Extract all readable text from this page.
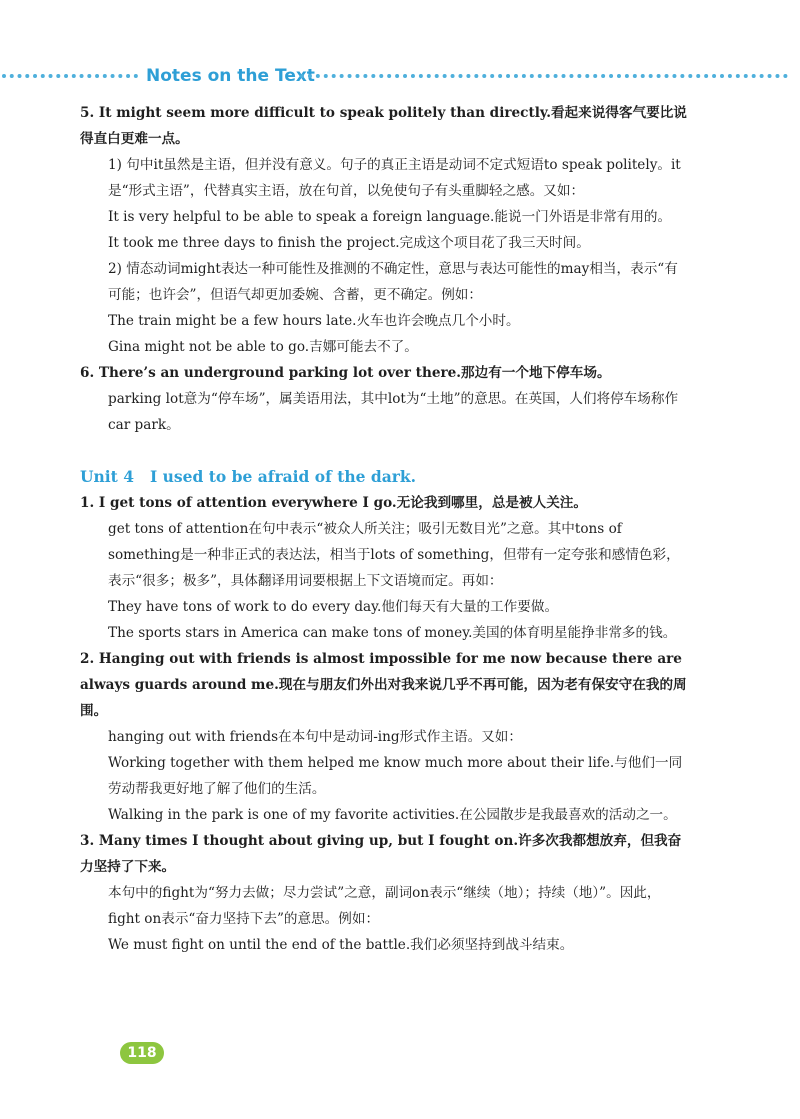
Notes on the Text

5. It might seem more difficult to speak politely than directly.看起来说得客气要比说得直白更难一点。

1) 句中it虽然是主语，但并没有意义。句子的真正主语是动词不定式短语to speak politely。it是“形式主语”，代替真实主语，放在句首，以免使句子有头重脚轻之感。又如：

It is very helpful to be able to speak a foreign language.能说一门外语是非常有用的。

It took me three days to finish the project.完成这个项目花了我三天时间。

2) 情态动词might表达一种可能性及推测的不确定性，意思与表达可能性的may相当，表示“有可能；也许会”，但语气却更加委婉、含蓄，更不确定。例如：

The train might be a few hours late.火车也许会晚点几个小时。

Gina might not be able to go.吉娜可能去不了。

6. There’s an underground parking lot over there.那边有一个地下停车场。

parking lot意为“停车场”，属美语用法，其中lot为“土地”的意思。在英国，人们将停车场称作car park。

Unit 4 I used to be afraid of the dark.

1. I get tons of attention everywhere I go.无论我到哪里，总是被人关注。

get tons of attention在句中表示“被众人所关注；吸引无数目光”之意。其中tons of something是一种非正式的表达法，相当于lots of something，但带有一定夸张和感情色彩，表示“很多；极多”，具体翻译用词要根据上下文语境而定。再如：

They have tons of work to do every day.他们每天有大量的工作要做。

The sports stars in America can make tons of money.美国的体育明星能挣非常多的钱。

2. Hanging out with friends is almost impossible for me now because there are always guards around me.现在与朋友们外出对我来说几乎不再可能，因为老有保安守在我的周围。

hanging out with friends在本句中是动词-ing形式作主语。又如：

Working together with them helped me know much more about their life.与他们一同劳动帮我更好地了解了他们的生活。

Walking in the park is one of my favorite activities.在公园散步是我最喜欢的活动之一。

3. Many times I thought about giving up, but I fought on.许多次我都想放弃，但我奋力坚持了下来。

本句中的fight为“努力去做；尽力尝试”之意，副词on表示“继续（地）；持续（地）”。因此，fight on表示“奋力坚持下去”的意思。例如：

We must fight on until the end of the battle.我们必须坚持到战斗结束。

118
